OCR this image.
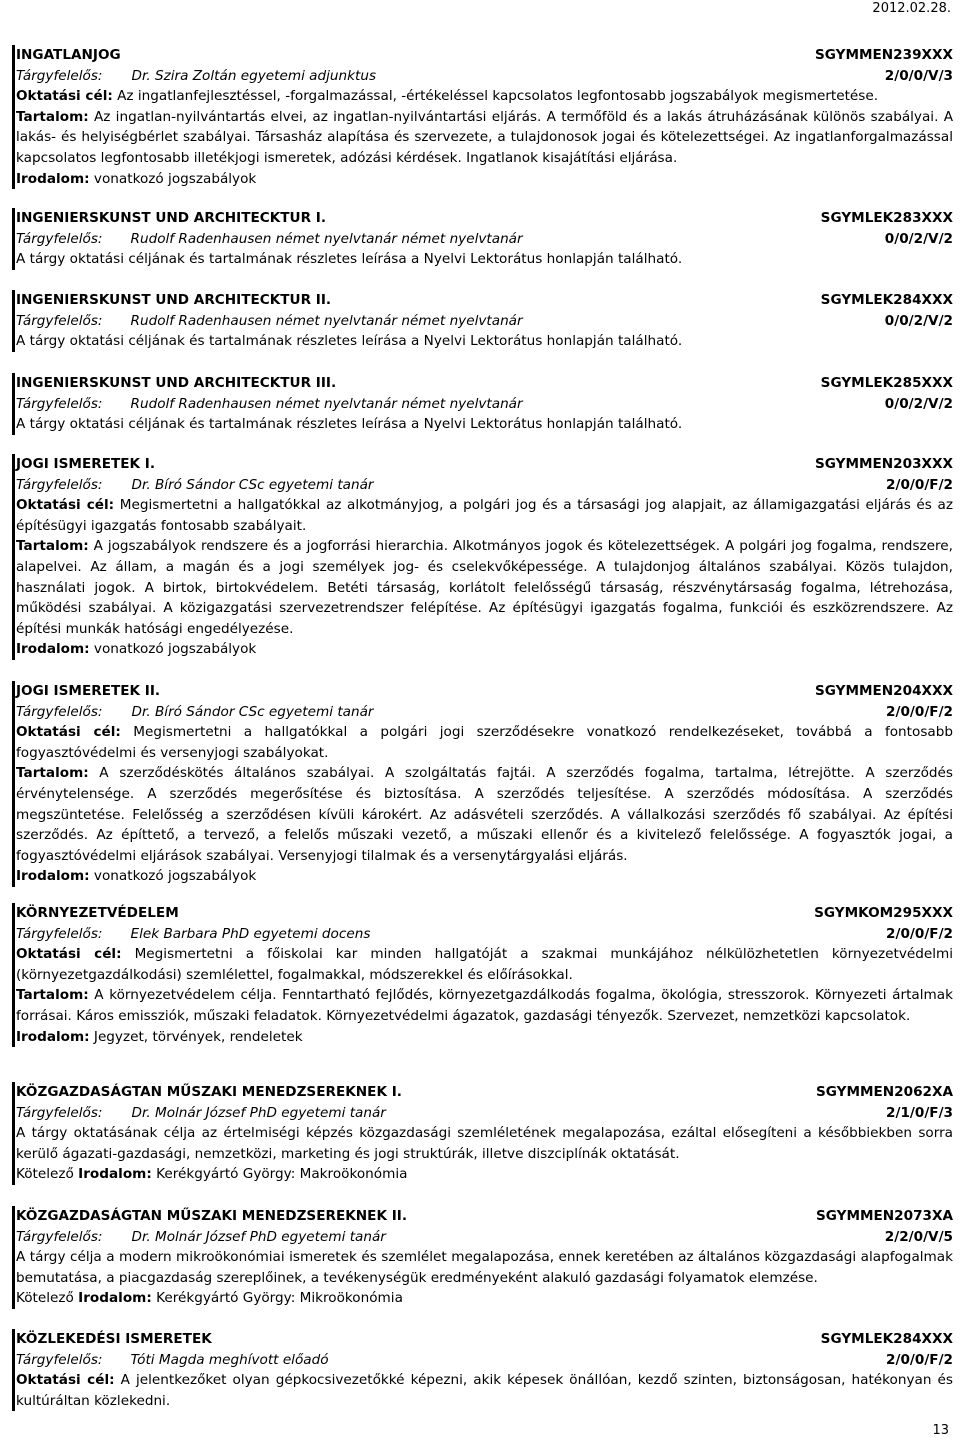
2012.02.28.
INGATLANJOG	SGYMMEN239XXX
Tárgyfelelős: Dr. Szira Zoltán egyetemi adjunktus	2/0/0/V/3
Oktatási cél: Az ingatlanfejlesztéssel, -forgalmazással, -értékeléssel kapcsolatos legfontosabb jogszabályok megismertetése.
Tartalom: Az ingatlan-nyilvántartás elvei, az ingatlan-nyilvántartási eljárás. A termőföld és a lakás átruházásának különös szabályai. A lakás- és helyiségbérlet szabályai. Társasház alapítása és szervezete, a tulajdonosok jogai és kötelezettségei. Az ingatlanforgalmazással kapcsolatos legfontosabb illetékjogi ismeretek, adózási kérdések. Ingatlanok kisajátítási eljárása.
Irodalom: vonatkozó jogszabályok
INGENIERSKUNST UND ARCHITECKTUR I.	SGYMLEK283XXX
Tárgyfelelős: Rudolf Radenhausen német nyelvtanár német nyelvtanár	0/0/2/V/2
A tárgy oktatási céljának és tartalmának részletes leírása a Nyelvi Lektorátus honlapján található.
INGENIERSKUNST UND ARCHITECKTUR II.	SGYMLEK284XXX
Tárgyfelelős: Rudolf Radenhausen német nyelvtanár német nyelvtanár	0/0/2/V/2
A tárgy oktatási céljának és tartalmának részletes leírása a Nyelvi Lektorátus honlapján található.
INGENIERSKUNST UND ARCHITECKTUR III.	SGYMLEK285XXX
Tárgyfelelős: Rudolf Radenhausen német nyelvtanár német nyelvtanár	0/0/2/V/2
A tárgy oktatási céljának és tartalmának részletes leírása a Nyelvi Lektorátus honlapján található.
JOGI ISMERETEK I.	SGYMMEN203XXX
Tárgyfelelős: Dr. Bíró Sándor CSc egyetemi tanár	2/0/0/F/2
Oktatási cél: Megismertetni a hallgatókkal az alkotmányjog, a polgári jog és a társasági jog alapjait, az államigazgatási eljárás és az építésügyi igazgatás fontosabb szabályait.
Tartalom: A jogszabályok rendszere és a jogforrási hierarchia. Alkotmányos jogok és kötelezettségek. A polgári jog fogalma, rendszere, alapelvei. Az állam, a magán és a jogi személyek jog- és cselekvőképessége. A tulajdonjog általános szabályai. Közös tulajdon, használati jogok. A birtok, birtokvédelem. Betéti társaság, korlátolt felelősségű társaság, részvénytársaság fogalma, létrehozása, működési szabályai. A közigazgatási szervezetrendszer felépítése. Az építésügyi igazgatás fogalma, funkciói és eszközrendszere. Az építési munkák hatósági engedélyezése.
Irodalom: vonatkozó jogszabályok
JOGI ISMERETEK II.	SGYMMEN204XXX
Tárgyfelelős: Dr. Bíró Sándor CSc egyetemi tanár	2/0/0/F/2
Oktatási cél: Megismertetni a hallgatókkal a polgári jogi szerződésekre vonatkozó rendelkezéseket, továbbá a fontosabb fogyasztóvédelmi és versenyjogi szabályokat.
Tartalom: A szerződéskötés általános szabályai. A szolgáltatás fajtái. A szerződés fogalma, tartalma, létrejötte. A szerződés érvénytelensége. A szerződés megerősítése és biztosítása. A szerződés teljesítése. A szerződés módosítása. A szerződés megszüntetése. Felelősség a szerződésen kívüli károkért. Az adásvételi szerződés. A vállalkozási szerződés fő szabályai. Az építési szerződés. Az építtető, a tervező, a felelős műszaki vezető, a műszaki ellenőr és a kivitelező felelőssége. A fogyasztók jogai, a fogyasztóvédelmi eljárások szabályai. Versenyjogi tilalmak és a versenytárgyalási eljárás.
Irodalom: vonatkozó jogszabályok
KÖRNYEZETVÉDELEM	SGYMKOM295XXX
Tárgyfelelős: Elek Barbara PhD egyetemi docens	2/0/0/F/2
Oktatási cél: Megismertetni a főiskolai kar minden hallgatóját a szakmai munkájához nélkülözhetetlen környezetvédelmi (környezetgazdálkodási) szemlélettel, fogalmakkal, módszerekkel és előírásokkal.
Tartalom: A környezetvédelem célja. Fenntartható fejlődés, környezetgazdálkodás fogalma, ökológia, stresszorok. Környezeti ártalmak forrásai. Káros emissziók, műszaki feladatok. Környezetvédelmi ágazatok, gazdasági tényezők. Szervezet, nemzetközi kapcsolatok.
Irodalom: Jegyzet, törvények, rendeletek
KÖZGAZDASÁGTAN MŰSZAKI MENEDZSEREKNEK I.	SGYMMEN2062XA
Tárgyfelelős: Dr. Molnár József PhD egyetemi tanár	2/1/0/F/3
A tárgy oktatásának célja az értelmiségi képzés közgazdasági szemléletének megalapozása, ezáltal elősegíteni a későbbiekben sorra kerülő ágazati-gazdasági, nemzetközi, marketing és jogi struktúrák, illetve diszciplínák oktatását.
Kötelező Irodalom: Kerékgyártó György: Makroökonómia
KÖZGAZDASÁGTAN MŰSZAKI MENEDZSEREKNEK II.	SGYMMEN2073XA
Tárgyfelelős: Dr. Molnár József PhD egyetemi tanár	2/2/0/V/5
A tárgy célja a modern mikroökonómiai ismeretek és szemlélet megalapozása, ennek keretében az általános közgazdasági alapfogalmak bemutatása, a piacgazdaság szereplőinek, a tevékenységük eredményeként alakuló gazdasági folyamatok elemzése.
Kötelező Irodalom: Kerékgyártó György: Mikroökonómia
KÖZLEKEDÉSI ISMERETEK	SGYMLEK284XXX
Tárgyfelelős: Tóti Magda meghívott előadó	2/0/0/F/2
Oktatási cél: A jelentkezőket olyan gépkocsivezetőkké képezni, akik képesek önállóan, kezdő szinten, biztonságosan, hatékonyan és kultúráltan közlekedni.
13
